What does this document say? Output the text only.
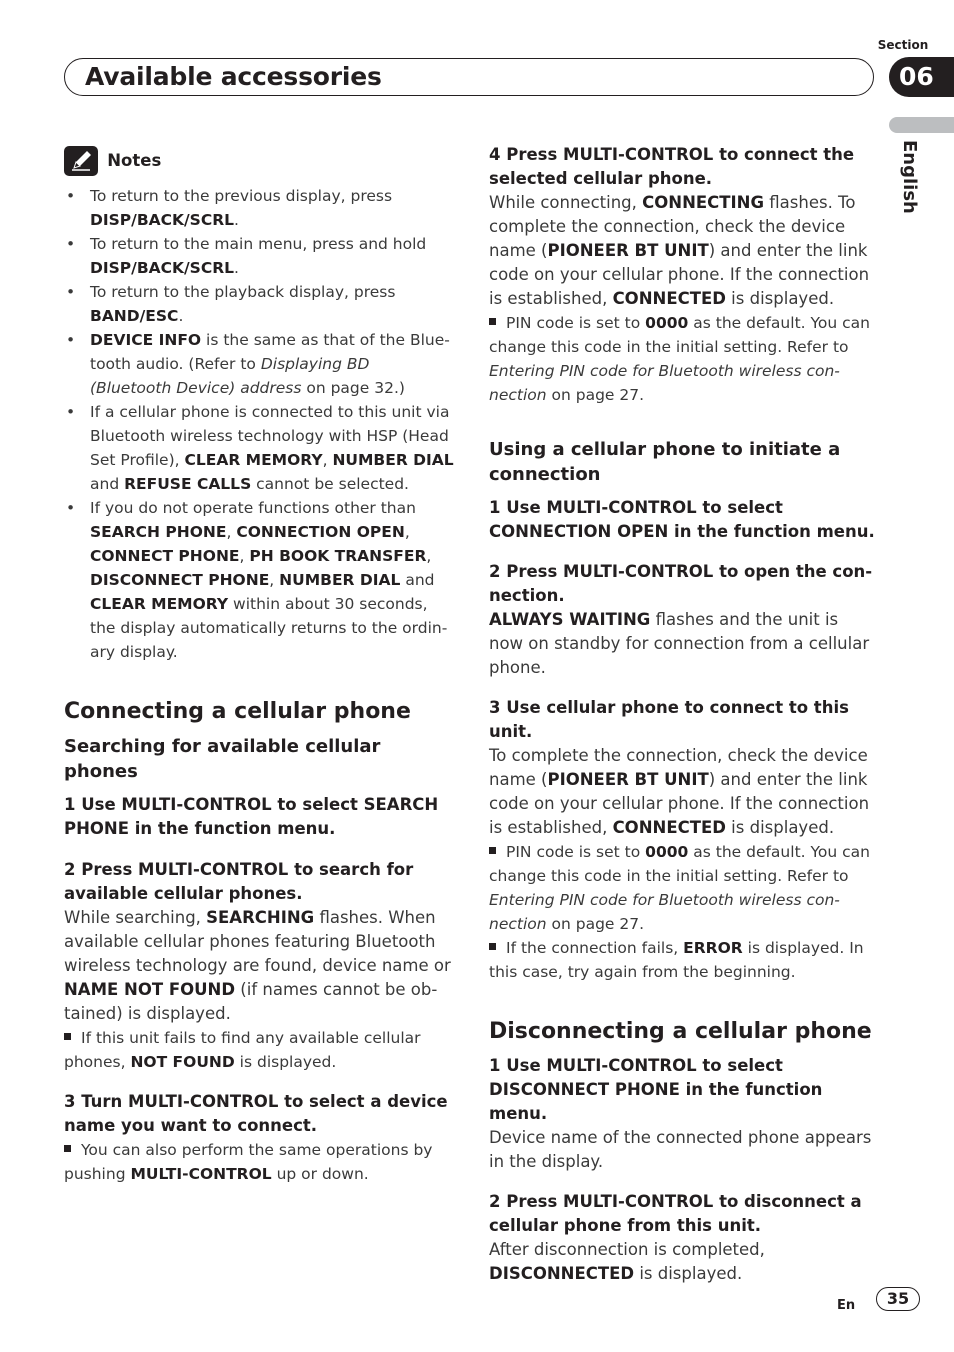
Available accessories
Section
06
English
Notes
• To return to the previous display, press DISP/BACK/SCRL.
• To return to the main menu, press and hold DISP/BACK/SCRL.
• To return to the playback display, press BAND/ESC.
• DEVICE INFO is the same as that of the Blue-tooth audio. (Refer to Displaying BD (Bluetooth Device) address on page 32.)
• If a cellular phone is connected to this unit via Bluetooth wireless technology with HSP (Head Set Profile), CLEAR MEMORY, NUMBER DIAL and REFUSE CALLS cannot be selected.
• If you do not operate functions other than SEARCH PHONE, CONNECTION OPEN, CONNECT PHONE, PH BOOK TRANSFER, DISCONNECT PHONE, NUMBER DIAL and CLEAR MEMORY within about 30 seconds, the display automatically returns to the ordin-ary display.
Connecting a cellular phone
Searching for available cellular phones

1 Use MULTI-CONTROL to select SEARCH PHONE in the function menu.

2 Press MULTI-CONTROL to search for available cellular phones.

While searching, SEARCHING flashes. When available cellular phones featuring Bluetooth wireless technology are found, device name or NAME NOT FOUND (if names cannot be ob-tained) is displayed.

If this unit fails to find any available cellular phones, NOT FOUND is displayed.

3 Turn MULTI-CONTROL to select a device name you want to connect.

You can also perform the same operations by pushing MULTI-CONTROL up or down.

4 Press MULTI-CONTROL to connect the selected cellular phone.

While connecting, CONNECTING flashes. To complete the connection, check the device name (PIONEER BT UNIT) and enter the link code on your cellular phone. If the connection is established, CONNECTED is displayed.

PIN code is set to 0000 as the default. You can change this code in the initial setting. Refer to Entering PIN code for Bluetooth wireless con-nection on page 27.

Using a cellular phone to initiate a connection

1 Use MULTI-CONTROL to select CONNECTION OPEN in the function menu.

2 Press MULTI-CONTROL to open the con-nection.

ALWAYS WAITING flashes and the unit is now on standby for connection from a cellular phone.

3 Use cellular phone to connect to this unit.

To complete the connection, check the device name (PIONEER BT UNIT) and enter the link code on your cellular phone. If the connection is established, CONNECTED is displayed.

PIN code is set to 0000 as the default. You can change this code in the initial setting. Refer to Entering PIN code for Bluetooth wireless con-nection on page 27.

If the connection fails, ERROR is displayed. In this case, try again from the beginning.

Disconnecting a cellular phone

1 Use MULTI-CONTROL to select DISCONNECT PHONE in the function menu.

Device name of the connected phone appears in the display.

2 Press MULTI-CONTROL to disconnect a cellular phone from this unit.

After disconnection is completed, DISCONNECTED is displayed.

En	35
